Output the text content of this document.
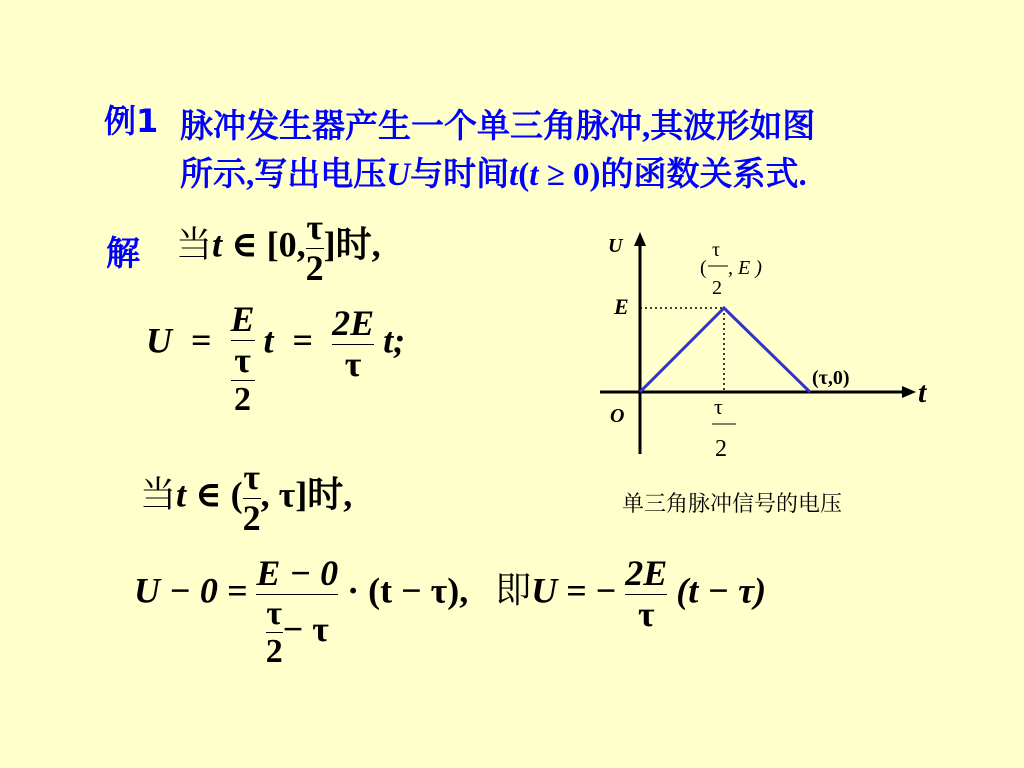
例1 脉冲发生器产生一个单三角脉冲,其波形如图
所示,写出电压U与时间t(t ≥ 0)的函数关系式.
解 当t ∈ [0, $\frac{\tau}{2}$ ]时,
U =
E
τ
2
$t = \frac{2E}{\tau} t$;
当t ∈ ( $\frac{\tau}{2}$ , τ]时,
$U - 0 = \frac{E - 0}{\frac{\tau}{2} - \tau} \cdot (t - \tau)$, 即U = − $\frac{2E}{\tau} (t - \tau)$
U
t
O
E
(
τ
2
, E )
(τ,0)
τ
2
单三角脉冲信号的电压
